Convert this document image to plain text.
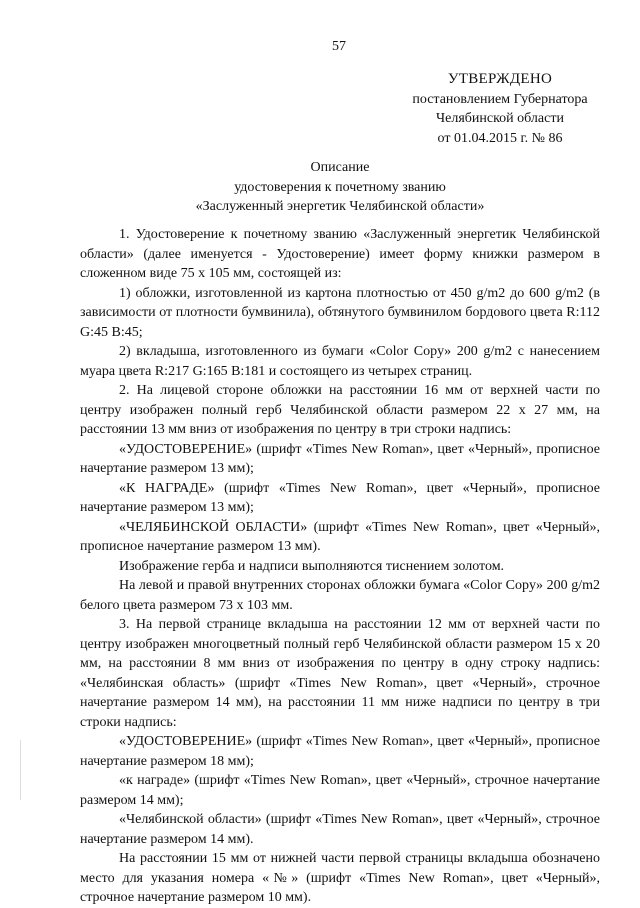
57
УТВЕРЖДЕНО
постановлением Губернатора
Челябинской области
от 01.04.2015 г. № 86
Описание
удостоверения к почетному званию
«Заслуженный энергетик Челябинской области»

1. Удостоверение к почетному званию «Заслуженный энергетик Челябинской области» (далее именуется - Удостоверение) имеет форму книжки размером в сложенном виде 75 x 105 мм, состоящей из:

1) обложки, изготовленной из картона плотностью от 450 g/m2 до 600 g/m2 (в зависимости от плотности бумвинила), обтянутого бумвинилом бордового цвета R:112 G:45 B:45;

2) вкладыша, изготовленного из бумаги «Color Copy» 200 g/m2 с нанесением муара цвета R:217 G:165 B:181 и состоящего из четырех страниц.

2. На лицевой стороне обложки на расстоянии 16 мм от верхней части по центру изображен полный герб Челябинской области размером 22 x 27 мм, на расстоянии 13 мм вниз от изображения по центру в три строки надпись:

«УДОСТОВЕРЕНИЕ» (шрифт «Times New Roman», цвет «Черный», прописное начертание размером 13 мм);

«К НАГРАДЕ» (шрифт «Times New Roman», цвет «Черный», прописное начертание размером 13 мм);

«ЧЕЛЯБИНСКОЙ ОБЛАСТИ» (шрифт «Times New Roman», цвет «Черный», прописное начертание размером 13 мм).

Изображение герба и надписи выполняются тиснением золотом.

На левой и правой внутренних сторонах обложки бумага «Color Copy» 200 g/m2 белого цвета размером 73 x 103 мм.

3. На первой странице вкладыша на расстоянии 12 мм от верхней части по центру изображен многоцветный полный герб Челябинской области размером 15 x 20 мм, на расстоянии 8 мм вниз от изображения по центру в одну строку надпись: «Челябинская область» (шрифт «Times New Roman», цвет «Черный», строчное начертание размером 14 мм), на расстоянии 11 мм ниже надписи по центру в три строки надпись:

«УДОСТОВЕРЕНИЕ» (шрифт «Times New Roman», цвет «Черный», прописное начертание размером 18 мм);

«к награде» (шрифт «Times New Roman», цвет «Черный», строчное начертание размером 14 мм);

«Челябинской области» (шрифт «Times New Roman», цвет «Черный», строчное начертание размером 14 мм).

На расстоянии 15 мм от нижней части первой страницы вкладыша обозначено место для указания номера «№» (шрифт «Times New Roman», цвет «Черный», строчное начертание размером 10 мм).
